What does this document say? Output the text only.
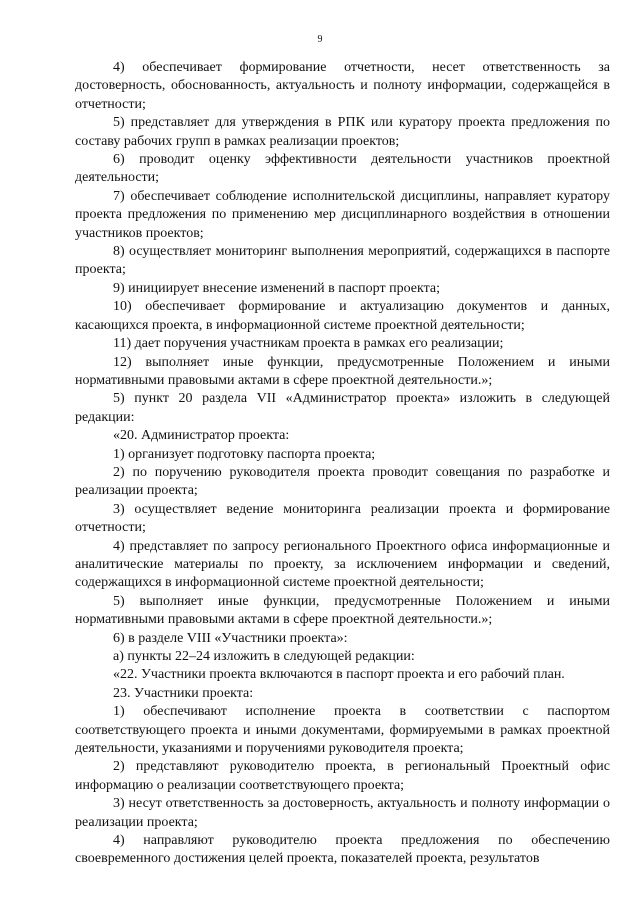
9

4) обеспечивает формирование отчетности, несет ответственность за достоверность, обоснованность, актуальность и полноту информации, содержащейся в отчетности;

5) представляет для утверждения в РПК или куратору проекта предложения по составу рабочих групп в рамках реализации проектов;

6) проводит оценку эффективности деятельности участников проектной деятельности;

7) обеспечивает соблюдение исполнительской дисциплины, направляет куратору проекта предложения по применению мер дисциплинарного воздействия в отношении участников проектов;

8) осуществляет мониторинг выполнения мероприятий, содержащихся в паспорте проекта;

9) инициирует внесение изменений в паспорт проекта;

10) обеспечивает формирование и актуализацию документов и данных, касающихся проекта, в информационной системе проектной деятельности;

11) дает поручения участникам проекта в рамках его реализации;

12) выполняет иные функции, предусмотренные Положением и иными нормативными правовыми актами в сфере проектной деятельности.»;

5) пункт 20 раздела VII «Администратор проекта» изложить в следующей редакции:

«20. Администратор проекта:

1) организует подготовку паспорта проекта;

2) по поручению руководителя проекта проводит совещания по разработке и реализации проекта;

3) осуществляет ведение мониторинга реализации проекта и формирование отчетности;

4) представляет по запросу регионального Проектного офиса информационные и аналитические материалы по проекту, за исключением информации и сведений, содержащихся в информационной системе проектной деятельности;

5) выполняет иные функции, предусмотренные Положением и иными нормативными правовыми актами в сфере проектной деятельности.»;

6) в разделе VIII «Участники проекта»:

а) пункты 22–24 изложить в следующей редакции:

«22. Участники проекта включаются в паспорт проекта и его рабочий план.

23. Участники проекта:

1) обеспечивают исполнение проекта в соответствии с паспортом соответствующего проекта и иными документами, формируемыми в рамках проектной деятельности, указаниями и поручениями руководителя проекта;

2) представляют руководителю проекта, в региональный Проектный офис информацию о реализации соответствующего проекта;

3) несут ответственность за достоверность, актуальность и полноту информации о реализации проекта;

4) направляют руководителю проекта предложения по обеспечению своевременного достижения целей проекта, показателей проекта, результатов
